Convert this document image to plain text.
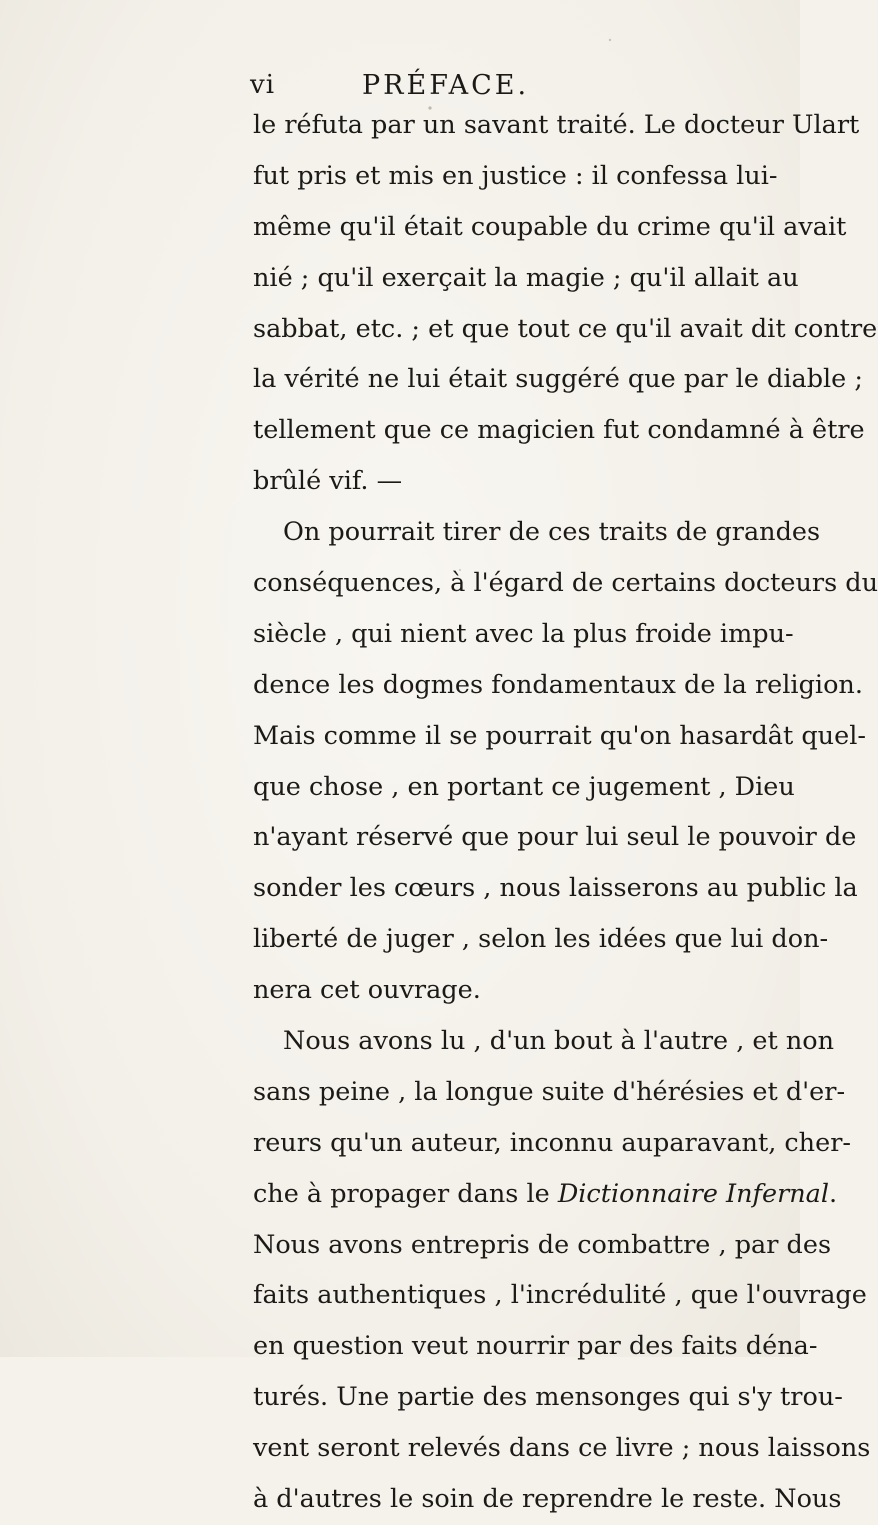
vi	PRÉFACE.
le réfuta par un savant traité. Le docteur Ulart
fut pris et mis en justice : il confessa lui-
même qu'il était coupable du crime qu'il avait
nié ; qu'il exerçait la magie ; qu'il allait au
sabbat, etc. ; et que tout ce qu'il avait dit contre
la vérité ne lui était suggéré que par le diable ;
tellement que ce magicien fut condamné à être
brûlé vif. —
On pourrait tirer de ces traits de grandes
conséquences, à l'égard de certains docteurs du
siècle , qui nient avec la plus froide impu-
dence les dogmes fondamentaux de la religion.
Mais comme il se pourrait qu'on hasardât quel-
que chose , en portant ce jugement , Dieu
n'ayant réservé que pour lui seul le pouvoir de
sonder les cœurs , nous laisserons au public la
liberté de juger , selon les idées que lui don-
nera cet ouvrage.
Nous avons lu , d'un bout à l'autre , et non
sans peine , la longue suite d'hérésies et d'er-
reurs qu'un auteur, inconnu auparavant, cher-
che à propager dans le Dictionnaire Infernal.
Nous avons entrepris de combattre , par des
faits authentiques , l'incrédulité , que l'ouvrage
en question veut nourrir par des faits déna-
turés. Une partie des mensonges qui s'y trou-
vent seront relevés dans ce livre ; nous laissons
à d'autres le soin de reprendre le reste. Nous
